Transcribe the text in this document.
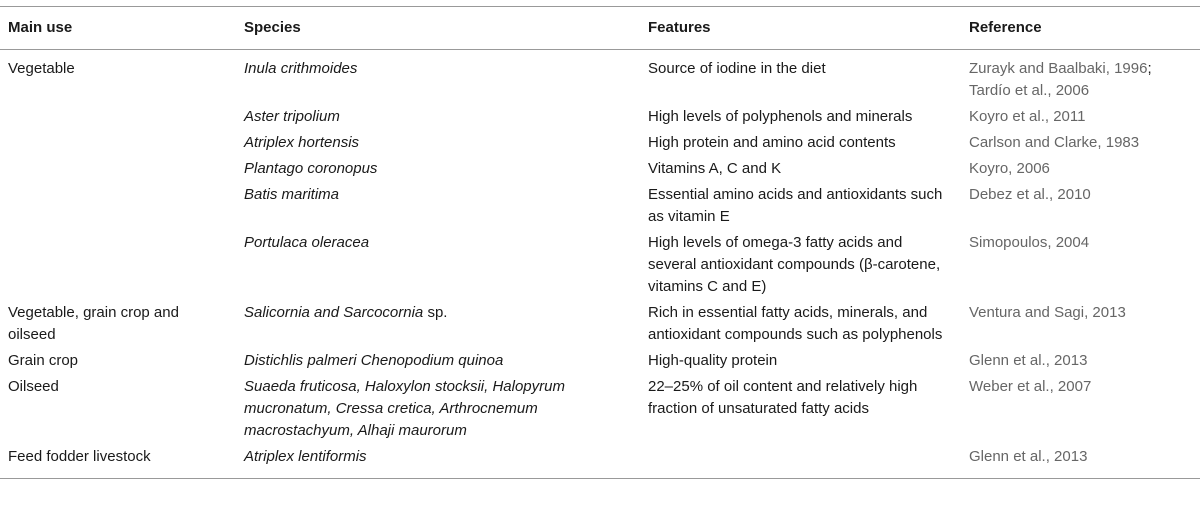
Main use	Species	Features	Reference
Vegetable	Inula crithmoides	Source of iodine in the diet	Zurayk and Baalbaki, 1996; Tardío et al., 2006
	Aster tripolium	High levels of polyphenols and minerals	Koyro et al., 2011
	Atriplex hortensis	High protein and amino acid contents	Carlson and Clarke, 1983
	Plantago coronopus	Vitamins A, C and K	Koyro, 2006
	Batis maritima	Essential amino acids and antioxidants such as vitamin E	Debez et al., 2010
	Portulaca oleracea	High levels of omega-3 fatty acids and several antioxidant compounds (β-carotene, vitamins C and E)	Simopoulos, 2004
Vegetable, grain crop and oilseed	Salicornia and Sarcocornia sp.	Rich in essential fatty acids, minerals, and antioxidant compounds such as polyphenols	Ventura and Sagi, 2013
Grain crop	Distichlis palmeri Chenopodium quinoa	High-quality protein	Glenn et al., 2013
Oilseed	Suaeda fruticosa, Haloxylon stocksii, Halopyrum mucronatum, Cressa cretica, Arthrocnemum macrostachyum, Alhaji maurorum	22–25% of oil content and relatively high fraction of unsaturated fatty acids	Weber et al., 2007
Feed fodder livestock	Atriplex lentiformis		Glenn et al., 2013
